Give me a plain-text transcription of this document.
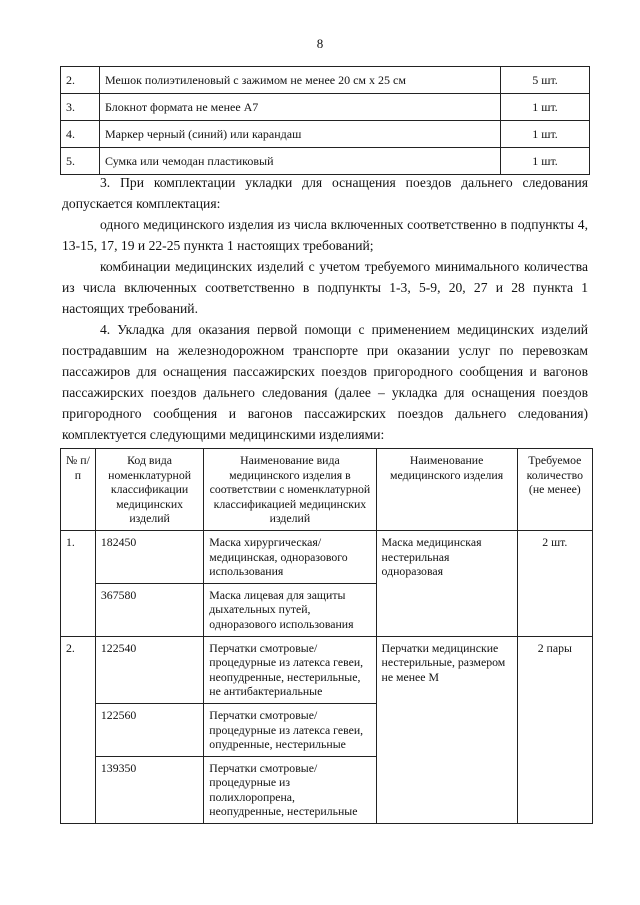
8
2.	Мешок полиэтиленовый с зажимом не менее 20 см x 25 см	5 шт.
3.	Блокнот формата не менее А7	1 шт.
4.	Маркер черный (синий) или карандаш	1 шт.
5.	Сумка или чемодан пластиковый	1 шт.

3. При комплектации укладки для оснащения поездов дальнего следования допускается комплектация:

одного медицинского изделия из числа включенных соответственно в подпункты 4, 13-15, 17, 19 и 22-25 пункта 1 настоящих требований;

комбинации медицинских изделий с учетом требуемого минимального количества из числа включенных соответственно в подпункты 1-3, 5-9, 20, 27 и 28 пункта 1 настоящих требований.

4. Укладка для оказания первой помощи с применением медицинских изделий пострадавшим на железнодорожном транспорте при оказании услуг по перевозкам пассажиров для оснащения пассажирских поездов пригородного сообщения и вагонов пассажирских поездов дальнего следования (далее – укладка для оснащения поездов пригородного сообщения и вагонов пассажирских поездов дальнего следования) комплектуется следующими медицинскими изделиями:

№ п/п	Код вида номенклатурной классификации медицинских изделий	Наименование вида медицинского изделия в соответствии с номенклатурной классификацией медицинских изделий	Наименование медицинского изделия	Требуемое количество (не менее)
1.	182450	Маска хирургическая/ медицинская, одноразового использования	Маска медицинская нестерильная одноразовая	2 шт.
	367580	Маска лицевая для защиты дыхательных путей, одноразового использования		
2.	122540	Перчатки смотровые/ процедурные из латекса гевеи, неопудренные, нестерильные, не антибактериальные	Перчатки медицинские нестерильные, размером не менее М	2 пары
	122560	Перчатки смотровые/ процедурные из латекса гевеи, опудренные, нестерильные		
	139350	Перчатки смотровые/ процедурные из полихлоропрена, неопудренные, нестерильные		
